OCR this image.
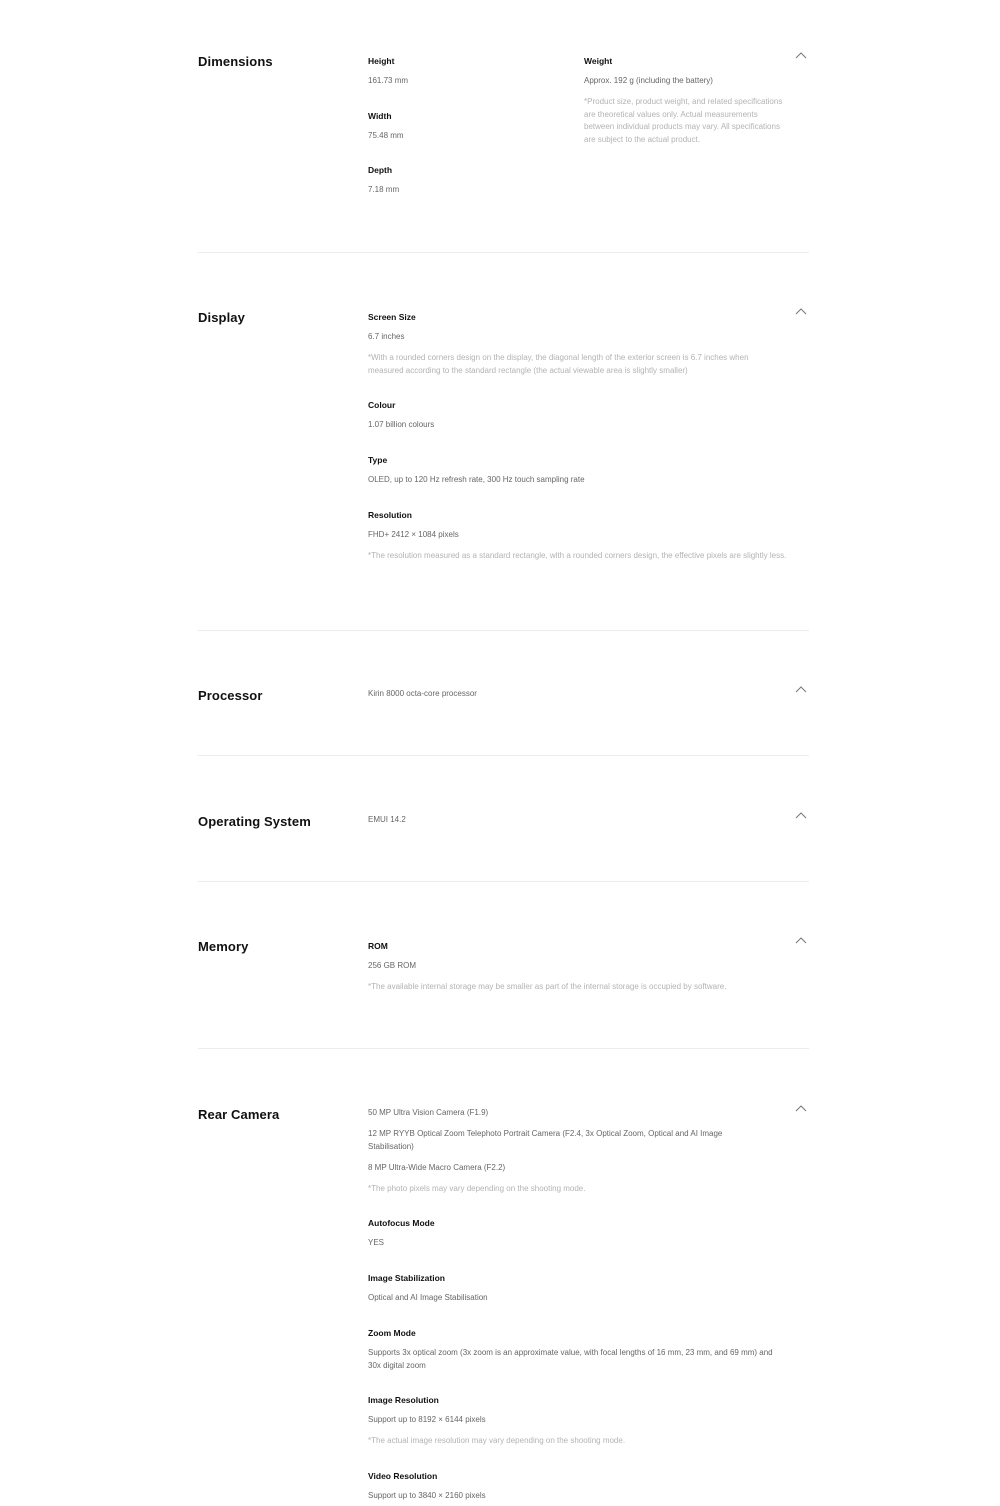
Dimensions	Height
161.73 mm
Width
75.48 mm
Depth
7.18 mm
Weight
Approx. 192 g (including the battery)
*Product size, product weight, and related specifications are theoretical values only. Actual measurements between individual products may vary. All specifications are subject to the actual product.
Display	Screen Size
6.7 inches
*With a rounded corners design on the display, the diagonal length of the exterior screen is 6.7 inches when measured according to the standard rectangle (the actual viewable area is slightly smaller)
Colour
1.07 billion colours
Type
OLED, up to 120 Hz refresh rate, 300 Hz touch sampling rate
Resolution
FHD+ 2412 × 1084 pixels
*The resolution measured as a standard rectangle, with a rounded corners design, the effective pixels are slightly less.
Processor	Kirin 8000 octa-core processor
Operating System	EMUI 14.2
Memory	ROM
256 GB ROM
*The available internal storage may be smaller as part of the internal storage is occupied by software.
Rear Camera	50 MP Ultra Vision Camera (F1.9)
12 MP RYYB Optical Zoom Telephoto Portrait Camera (F2.4, 3x Optical Zoom, Optical and AI Image Stabilisation)
8 MP Ultra-Wide Macro Camera (F2.2)
*The photo pixels may vary depending on the shooting mode.
Autofocus Mode
YES
Image Stabilization
Optical and AI Image Stabilisation
Zoom Mode
Supports 3x optical zoom (3x zoom is an approximate value, with focal lengths of 16 mm, 23 mm, and 69 mm) and 30x digital zoom
Image Resolution
Support up to 8192 × 6144 pixels
*The actual image resolution may vary depending on the shooting mode.
Video Resolution
Support up to 3840 × 2160 pixels
